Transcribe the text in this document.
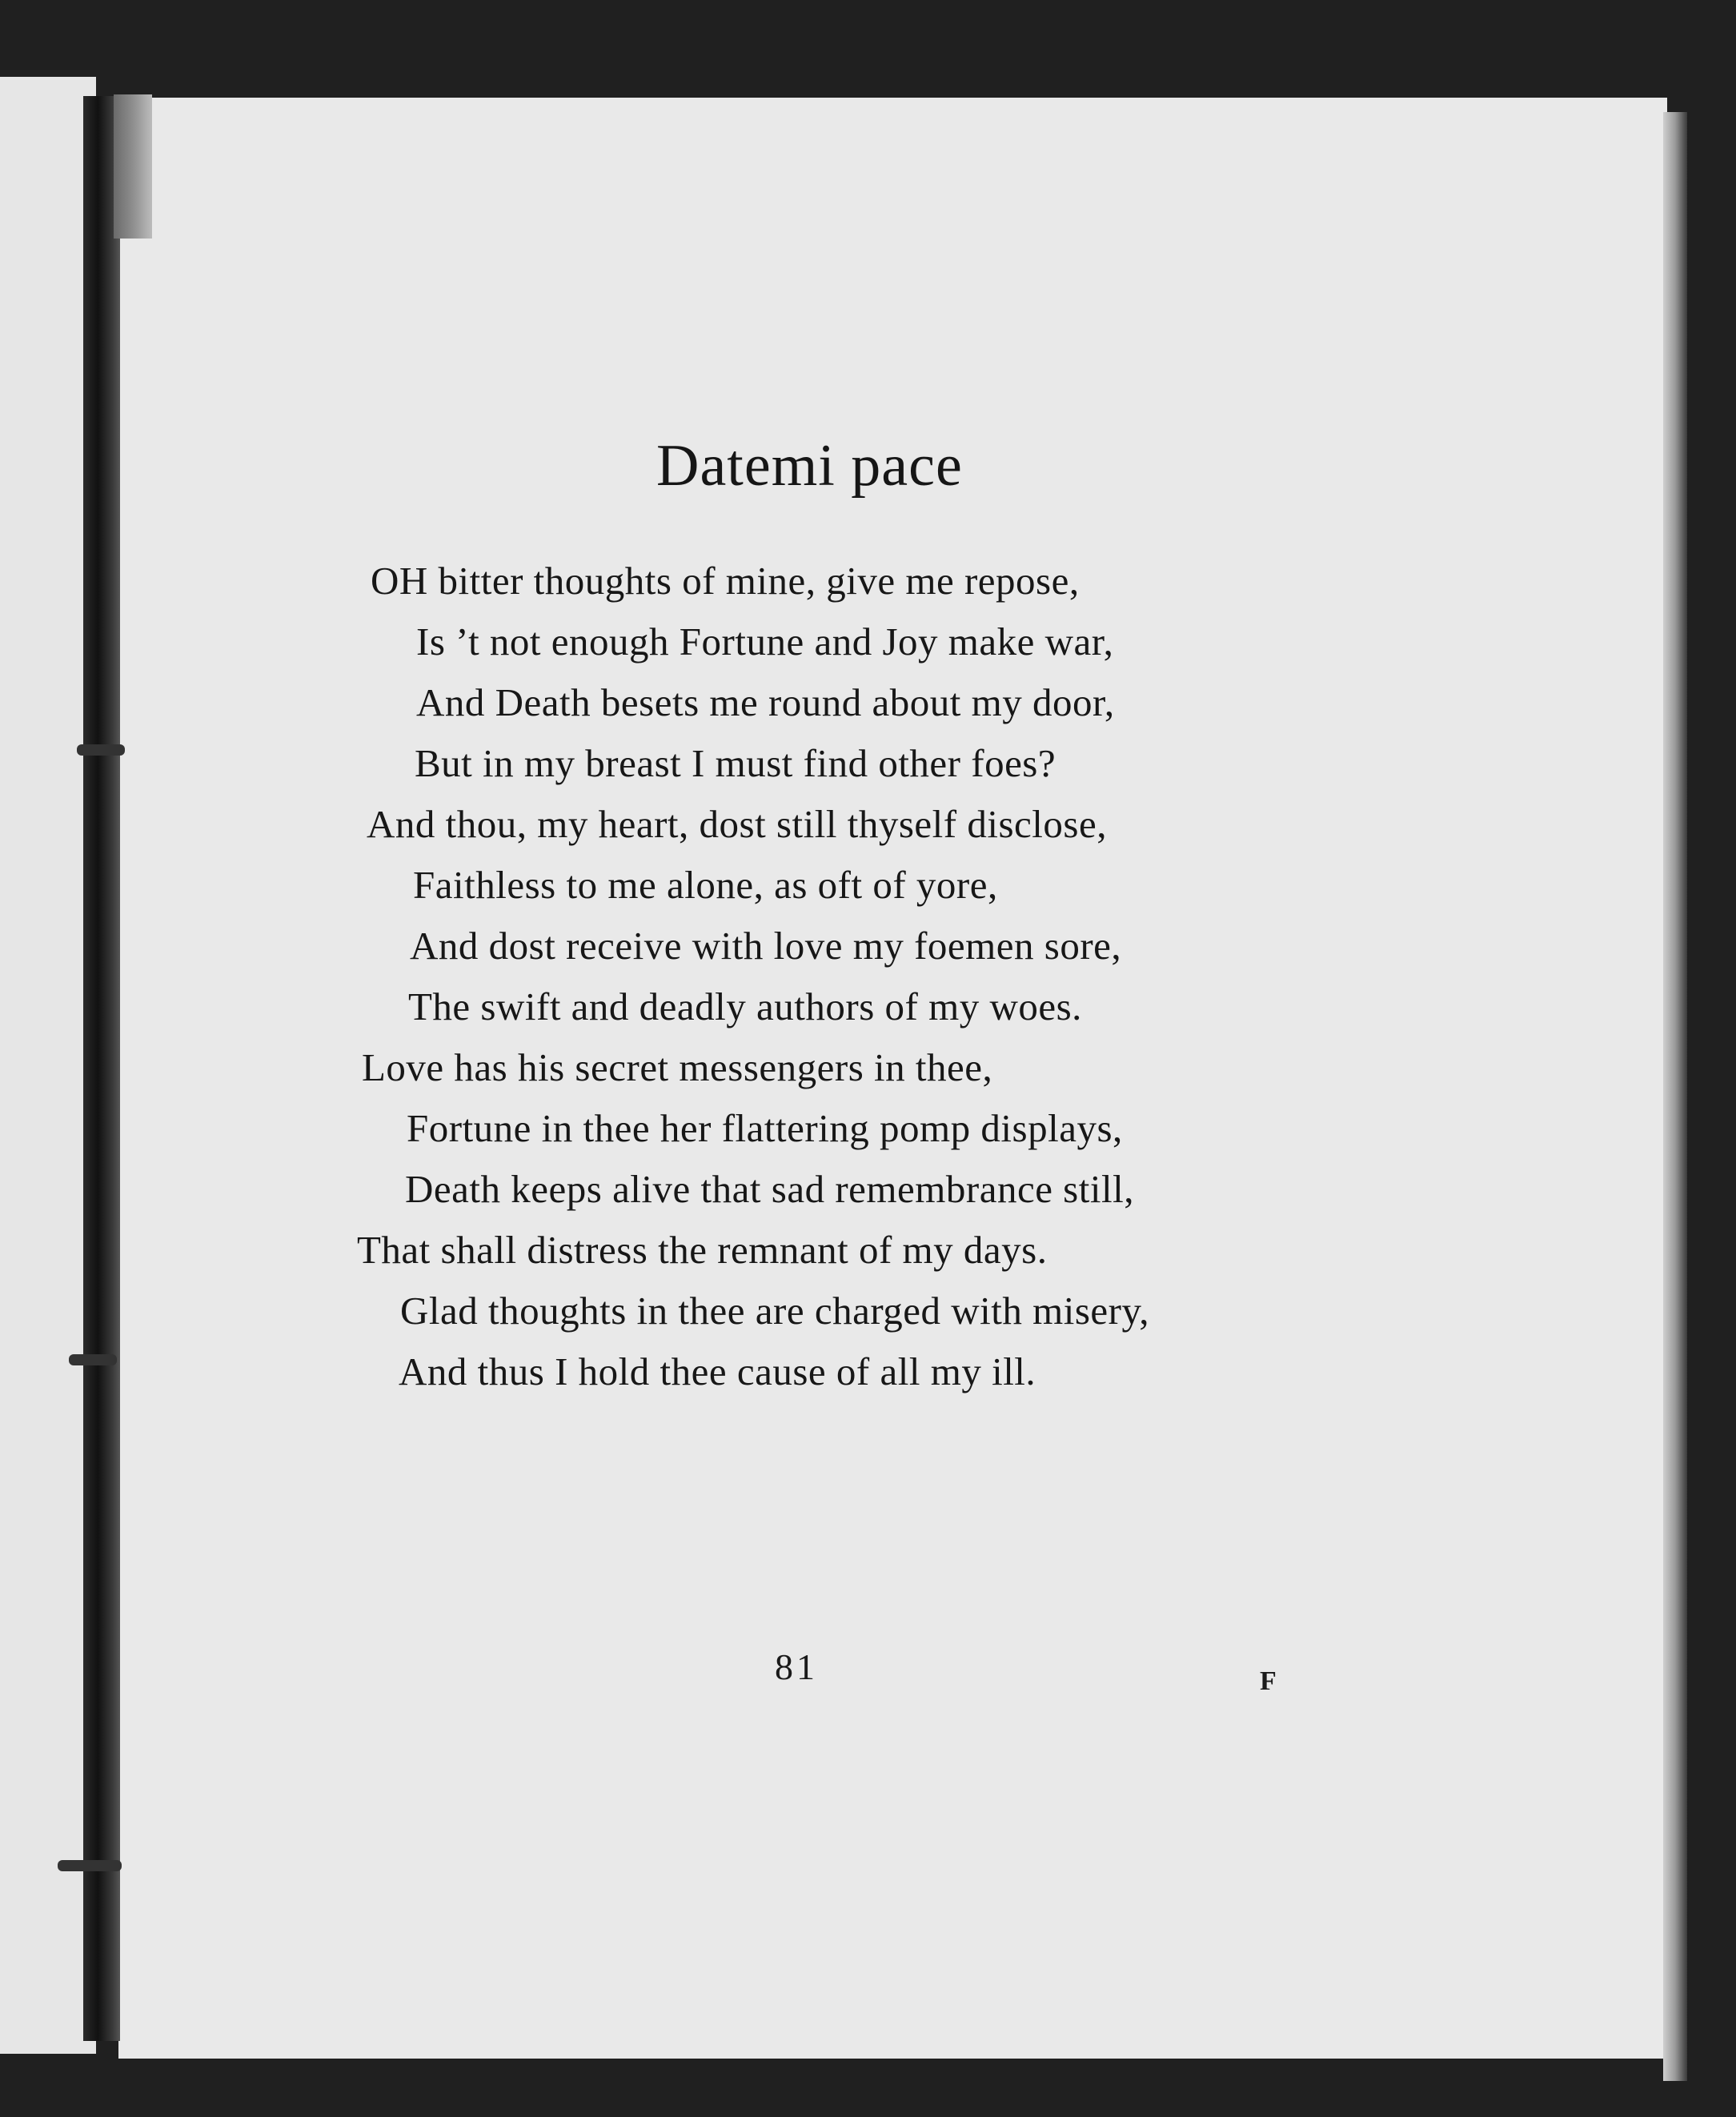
Datemi pace
OH bitter thoughts of mine, give me repose,
Is ’t not enough Fortune and Joy make war,
And Death besets me round about my door,
But in my breast I must find other foes?
And thou, my heart, dost still thyself disclose,
Faithless to me alone, as oft of yore,
And dost receive with love my foemen sore,
The swift and deadly authors of my woes.
Love has his secret messengers in thee,
Fortune in thee her flattering pomp displays,
Death keeps alive that sad remembrance still,
That shall distress the remnant of my days.
Glad thoughts in thee are charged with misery,
And thus I hold thee cause of all my ill.
81	F
